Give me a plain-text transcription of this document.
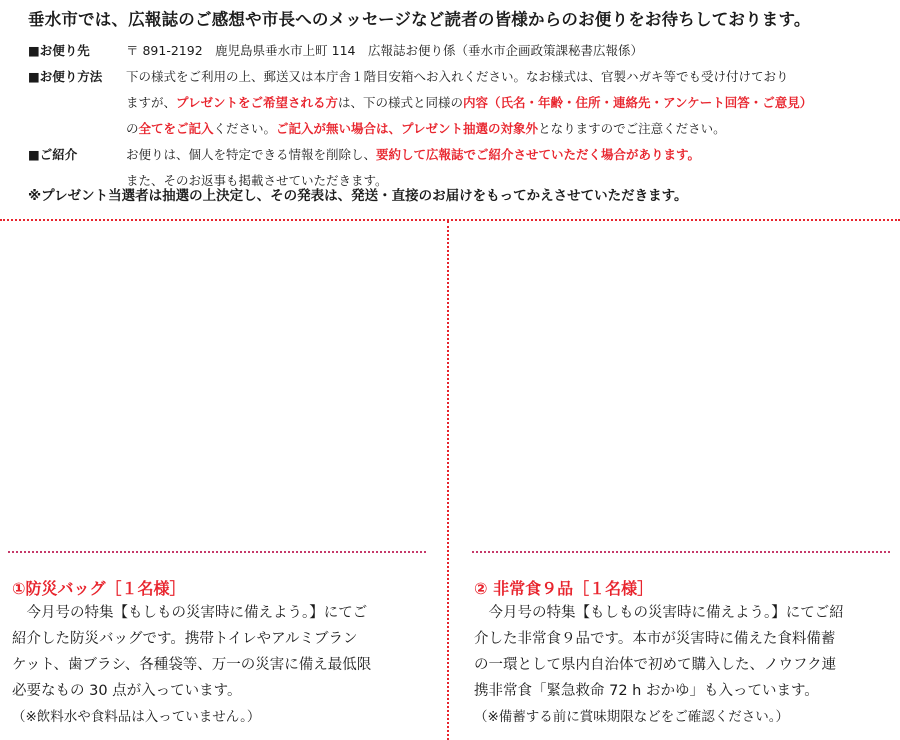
垂水市では、広報誌のご感想や市長へのメッセージなど読者の皆様からのお便りをお待ちしております。
■お便り先	〒 891-2192　鹿児島県垂水市上町 114　広報誌お便り係（垂水市企画政策課秘書広報係）
■お便り方法	下の様式をご利用の上、郵送又は本庁舎１階目安箱へお入れください。なお様式は、官製ハガキ等でも受け付けており
ますが、プレゼントをご希望される方は、下の様式と同様の内容（氏名・年齢・住所・連絡先・アンケート回答・ご意見）
の全てをご記入ください。ご記入が無い場合は、プレゼント抽選の対象外となりますのでご注意ください。
■ご紹介	お便りは、個人を特定できる情報を削除し、要約して広報誌でご紹介させていただく場合があります。
また、そのお返事も掲載させていただきます。
※プレゼント当選者は抽選の上決定し、その発表は、発送・直接のお届けをもってかえさせていただきます。
①防災バッグ［１名様］
　今月号の特集【もしもの災害時に備えよう。】にてご
紹介した防災バッグです。携帯トイレやアルミブラン
ケット、歯ブラシ、各種袋等、万一の災害に備え最低限
必要なもの 30 点が入っています。
（※飲料水や食料品は入っていません。）
② 非常食９品［１名様］
　今月号の特集【もしもの災害時に備えよう。】にてご紹
介した非常食９品です。本市が災害時に備えた食料備蓄
の一環として県内自治体で初めて購入した、ノウフク連
携非常食「緊急救命 72 h おかゆ」も入っています。
（※備蓄する前に賞味期限などをご確認ください。）
